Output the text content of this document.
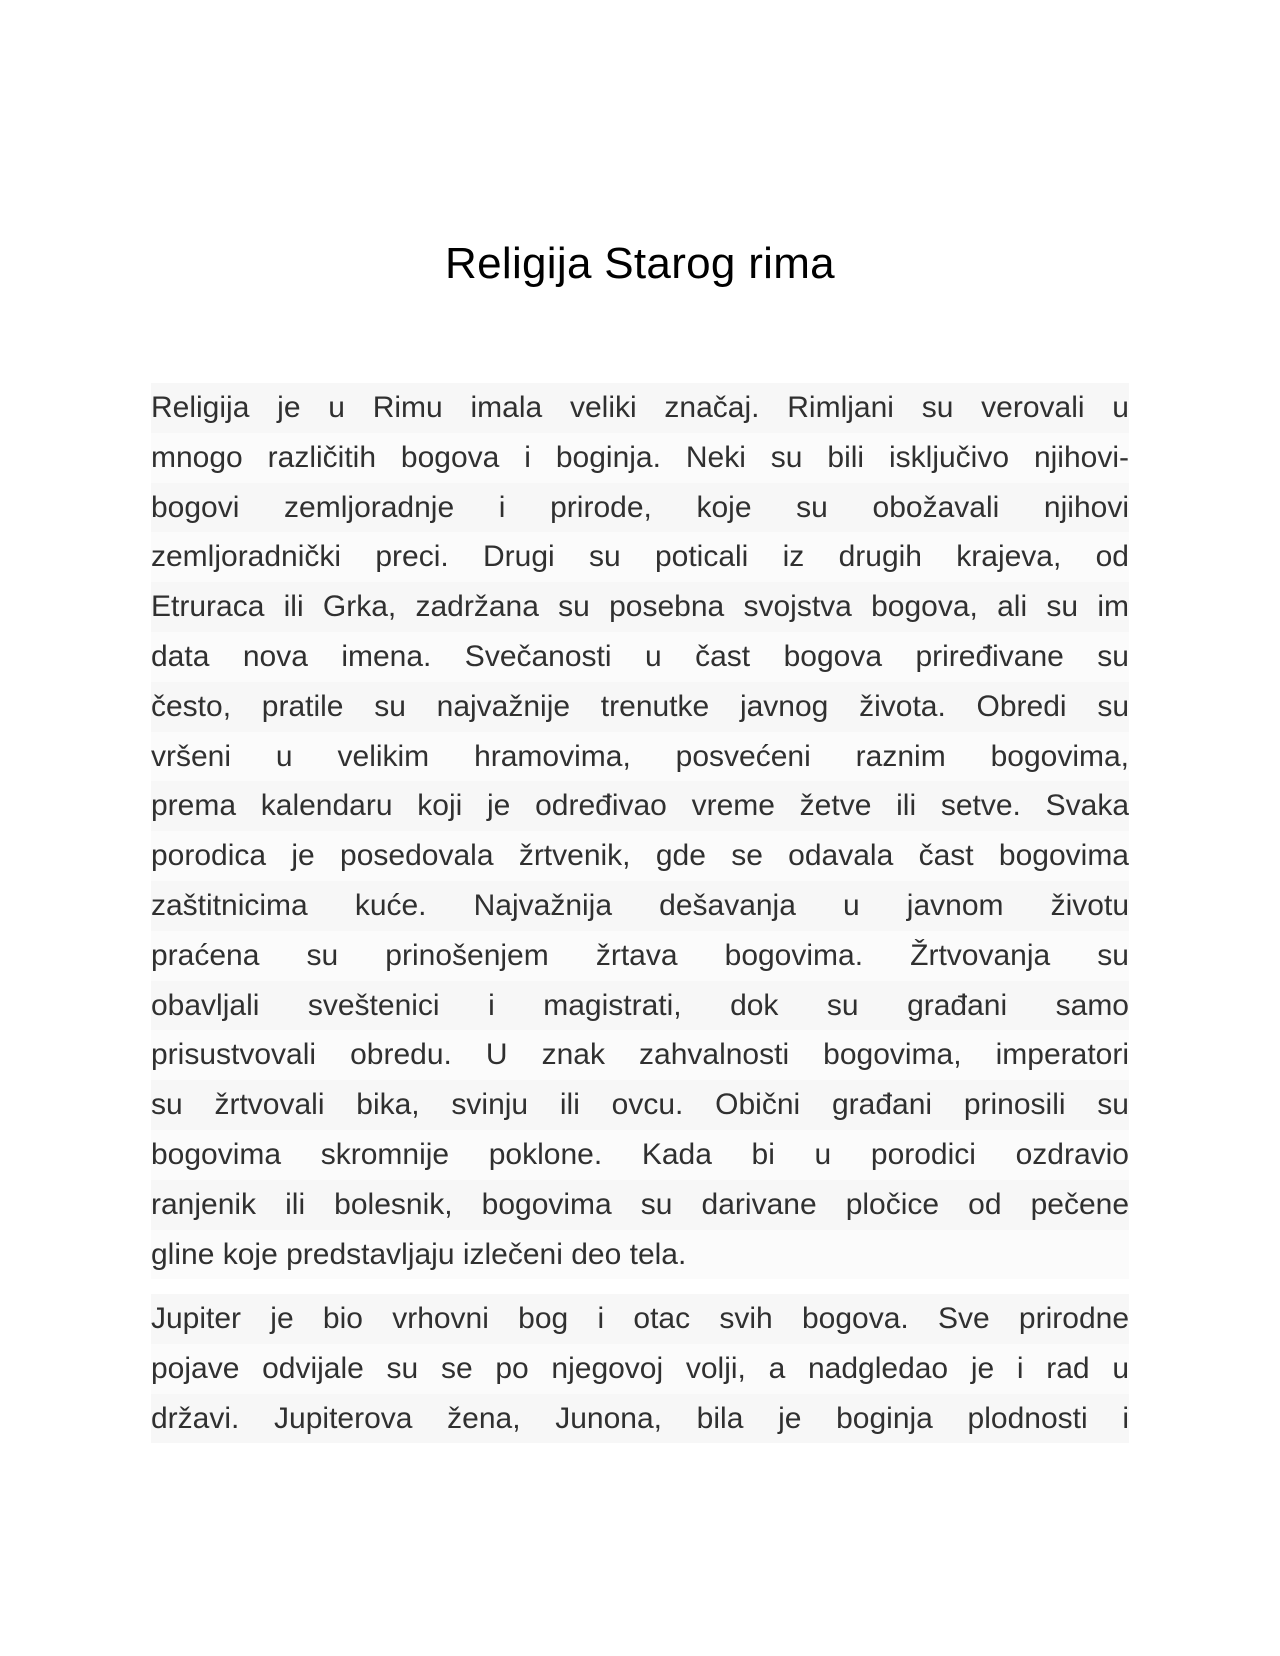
Religija Starog rima
Religija je u Rimu imala veliki značaj. Rimljani su verovali u
mnogo različitih bogova i boginja. Neki su bili isključivo njihovi-
bogovi zemljoradnje i prirode, koje su obožavali njihovi
zemljoradnički preci. Drugi su poticali iz drugih krajeva, od
Etruraca ili Grka, zadržana su posebna svojstva bogova, ali su im
data nova imena. Svečanosti u čast bogova priređivane su
često, pratile su najvažnije trenutke javnog života. Obredi su
vršeni u velikim hramovima, posvećeni raznim bogovima,
prema kalendaru koji je određivao vreme žetve ili setve. Svaka
porodica je posedovala žrtvenik, gde se odavala čast bogovima
zaštitnicima kuće. Najvažnija dešavanja u javnom životu
praćena su prinošenjem žrtava bogovima. Žrtvovanja su
obavljali sveštenici i magistrati, dok su građani samo
prisustvovali obredu. U znak zahvalnosti bogovima, imperatori
su žrtvovali bika, svinju ili ovcu. Obični građani prinosili su
bogovima skromnije poklone. Kada bi u porodici ozdravio
ranjenik ili bolesnik, bogovima su darivane pločice od pečene
gline koje predstavljaju izlečeni deo tela.
Jupiter je bio vrhovni bog i otac svih bogova. Sve prirodne
pojave odvijale su se po njegovoj volji, a nadgledao je i rad u
državi. Jupiterova žena, Junona, bila je boginja plodnosti i
